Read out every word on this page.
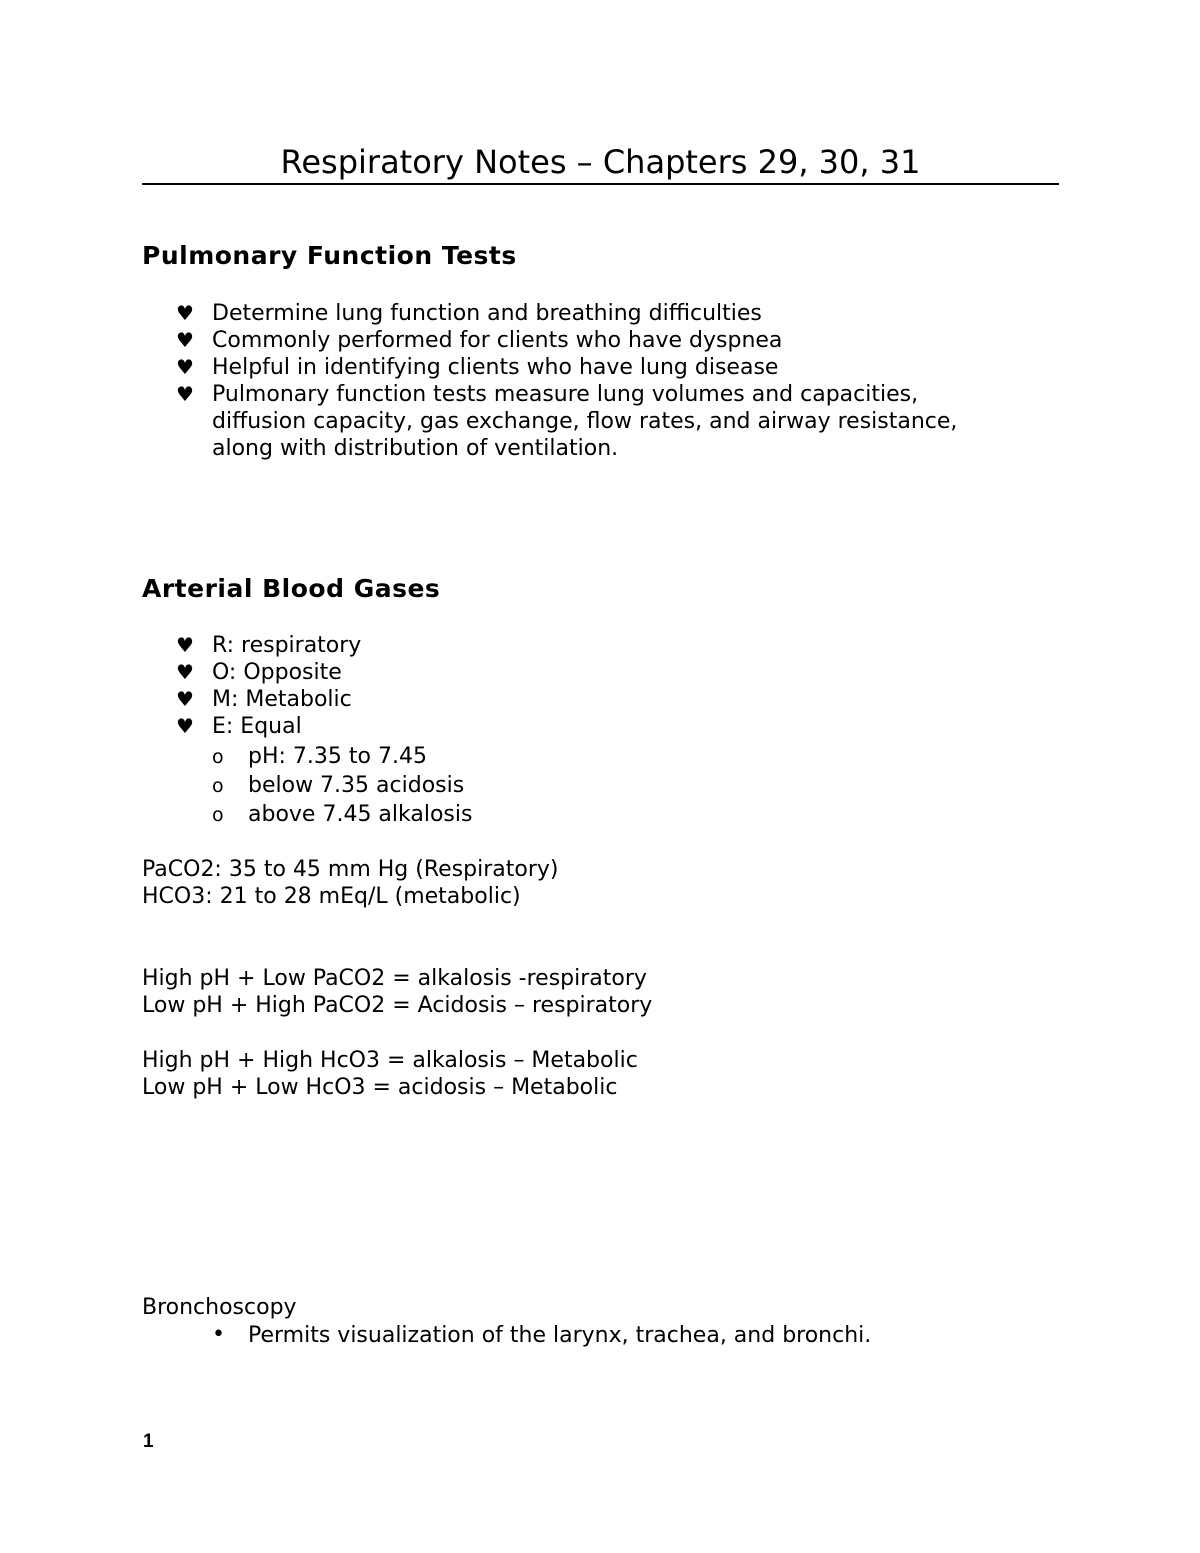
Respiratory Notes – Chapters 29, 30, 31
Pulmonary Function Tests
♥ Determine lung function and breathing difficulties
♥ Commonly performed for clients who have dyspnea
♥ Helpful in identifying clients who have lung disease
♥ Pulmonary function tests measure lung volumes and capacities,
diffusion capacity, gas exchange, flow rates, and airway resistance,
along with distribution of ventilation.
Arterial Blood Gases
♥ R: respiratory
♥ O: Opposite
♥ M: Metabolic
♥ E: Equal
o pH: 7.35 to 7.45
o below 7.35 acidosis
o above 7.45 alkalosis
PaCO2: 35 to 45 mm Hg (Respiratory)
HCO3: 21 to 28 mEq/L (metabolic)
High pH + Low PaCO2 = alkalosis -respiratory
Low pH + High PaCO2 = Acidosis – respiratory
High pH + High HcO3 = alkalosis – Metabolic
Low pH + Low HcO3 = acidosis – Metabolic
Bronchoscopy
• Permits visualization of the larynx, trachea, and bronchi.
1
